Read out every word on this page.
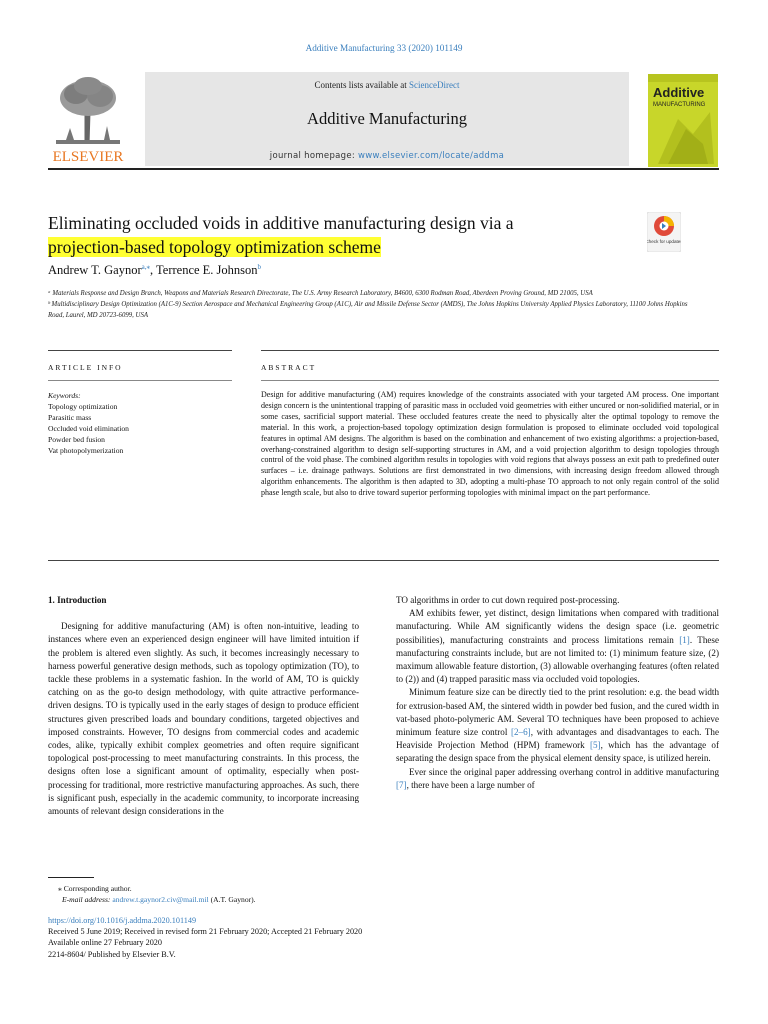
Additive Manufacturing 33 (2020) 101149
Contents lists available at ScienceDirect
Additive Manufacturing
journal homepage: www.elsevier.com/locate/addma
ELSEVIER
Additive
MANUFACTURING
Eliminating occluded voids in additive manufacturing design via a
projection-based topology optimization scheme	Check for updates
Andrew T. Gaynor$^{a,⁎}$, Terrence E. Johnson$^b$
ᵃ Materials Response and Design Branch, Weapons and Materials Research Directorate, The U.S. Army Research Laboratory, B4600, 6300 Rodman Road, Aberdeen Proving Ground, MD 21005, USA
ᵇ Multidisciplinary Design Optimization (A1C-9) Section Aerospace and Mechanical Engineering Group (A1C), Air and Missile Defense Sector (AMDS), The Johns Hopkins University Applied Physics Laboratory, 11100 Johns Hopkins Road, Laurel, MD 20723-6099, USA
ARTICLE INFO	ABSTRACT
Keywords:
Topology optimization
Parasitic mass
Occluded void elimination
Powder bed fusion
Vat photopolymerization
Design for additive manufacturing (AM) requires knowledge of the constraints associated with your targeted AM process. One important design concern is the unintentional trapping of parasitic mass in occluded void geometries with either uncured or non-solidified material, or in some cases, sacrificial support material. These occluded features create the need to physically alter the optimal topology to remove the material. In this work, a projection-based topology optimization design formulation is proposed to eliminate occluded void topological features in optimal AM designs. The algorithm is based on the combination and enhancement of two existing algorithms: a projection-based, overhang-constrained algorithm to design self-supporting structures in AM, and a void projection algorithm to design topologies through control of the void phase. The combined algorithm results in topologies with void regions that always possess an exit path to predefined outer surfaces – i.e. drainage pathways. Solutions are first demonstrated in two dimensions, with increasing design freedom allowed through algorithm enhancements. The algorithm is then adapted to 3D, adopting a multi-phase TO approach to not only regain control of the solid phase length scale, but also to drive toward superior performing topologies with minimal impact on the part performance.
1. Introduction

Designing for additive manufacturing (AM) is often non-intuitive, leading to instances where even an experienced design engineer will have limited intuition if the problem is altered even slightly. As such, it becomes increasingly necessary to harness powerful generative design methods, such as topology optimization (TO), to tackle these problems in a systematic fashion. In the world of AM, TO is quickly catching on as the go-to design methodology, with quite attractive performance-driven designs. TO is typically used in the early stages of design to produce efficient structures given prescribed loads and boundary conditions, targeted objectives and imposed constraints. However, TO designs from commercial codes and academic codes, alike, typically exhibit complex geometries and often require significant topological post-processing to meet manufacturing constraints. In this process, the designs often lose a significant amount of optimality, especially when post-processing for traditional, more restrictive manufacturing approaches. As such, there is significant push, especially in the academic community, to incorporate increasing amounts of relevant design considerations in the

TO algorithms in order to cut down required post-processing.

AM exhibits fewer, yet distinct, design limitations when compared with traditional manufacturing. While AM significantly widens the design space (i.e. geometric possibilities), manufacturing constraints and process limitations remain [1]. These manufacturing constraints include, but are not limited to: (1) minimum feature size, (2) maximum allowable feature distortion, (3) allowable overhanging features (often related to (2)) and (4) trapped parasitic mass via occluded void topologies.

Minimum feature size can be directly tied to the print resolution: e.g. the bead width for extrusion-based AM, the sintered width in powder bed fusion, and the cured width in vat-based photo-polymeric AM. Several TO techniques have been proposed to achieve minimum feature size control [2–6], with advantages and disadvantages to each. The Heaviside Projection Method (HPM) framework [5], which has the advantage of separating the design space from the physical element density space, is utilized herein.

Ever since the original paper addressing overhang control in additive manufacturing [7], there have been a large number of

⁎ Corresponding author.
E-mail address: andrew.t.gaynor2.civ@mail.mil (A.T. Gaynor).
https://doi.org/10.1016/j.addma.2020.101149
Received 5 June 2019; Received in revised form 21 February 2020; Accepted 21 February 2020
Available online 27 February 2020
2214-8604/ Published by Elsevier B.V.
